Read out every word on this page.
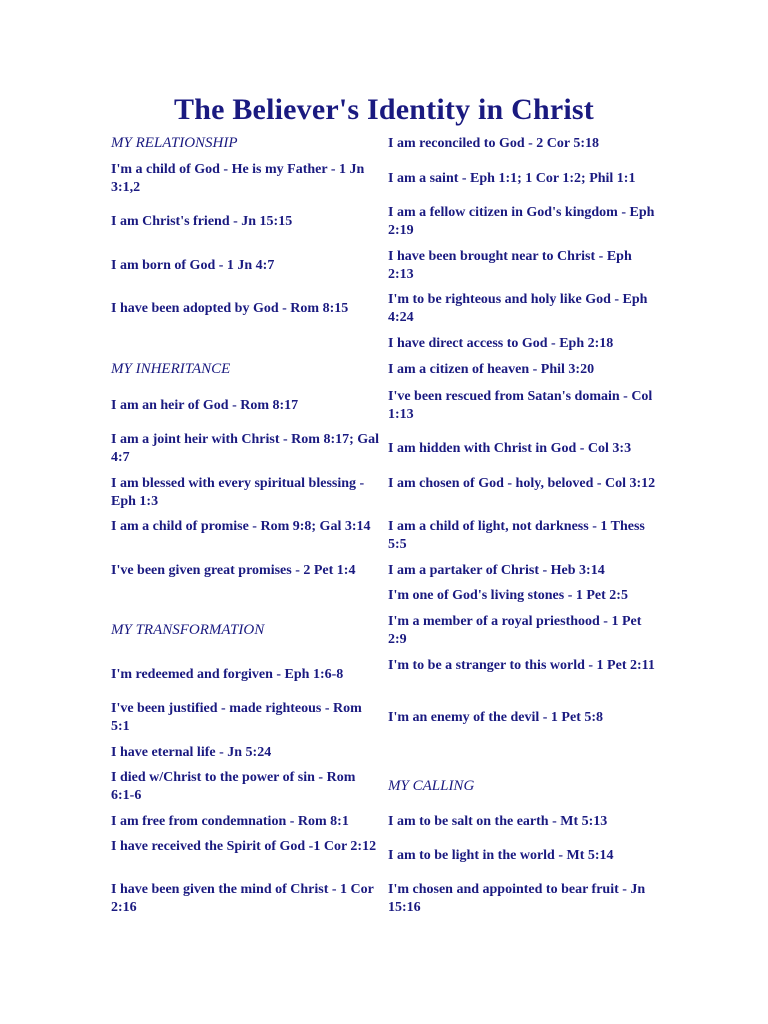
The Believer's Identity in Christ
MY RELATIONSHIP
I'm a child of God - He is my Father - 1 Jn 3:1,2
I am Christ's friend - Jn 15:15
I am born of God - 1 Jn 4:7
I have been adopted by God - Rom 8:15
MY INHERITANCE
I am an heir of God - Rom 8:17
I am a joint heir with Christ - Rom 8:17; Gal 4:7
I am blessed with every spiritual blessing - Eph 1:3
I am a child of promise - Rom 9:8; Gal 3:14
I've been given great promises - 2 Pet 1:4
MY TRANSFORMATION
I'm redeemed and forgiven - Eph 1:6-8
I've been justified - made righteous - Rom 5:1
I have eternal life - Jn 5:24
I died w/Christ to the power of sin - Rom 6:1-6
I am free from condemnation - Rom 8:1
I have received the Spirit of God -1 Cor 2:12
I have been given the mind of Christ - 1 Cor 2:16
I am reconciled to God - 2 Cor 5:18
I am a saint - Eph 1:1; 1 Cor 1:2; Phil 1:1
I am a fellow citizen in God's kingdom - Eph 2:19
I have been brought near to Christ - Eph 2:13
I'm to be righteous and holy like God - Eph 4:24
I have direct access to God - Eph 2:18
I am a citizen of heaven - Phil 3:20
I've been rescued from Satan's domain - Col 1:13
I am hidden with Christ in God - Col 3:3
I am chosen of God - holy, beloved - Col 3:12
I am a child of light, not darkness - 1 Thess 5:5
I am a partaker of Christ - Heb 3:14
I'm one of God's living stones - 1 Pet 2:5
I'm a member of a royal priesthood - 1 Pet 2:9
I'm to be a stranger to this world - 1 Pet 2:11
I'm an enemy of the devil - 1 Pet 5:8
MY CALLING
I am to be salt on the earth - Mt 5:13
I am to be light in the world - Mt 5:14
I'm chosen and appointed to bear fruit - Jn 15:16
